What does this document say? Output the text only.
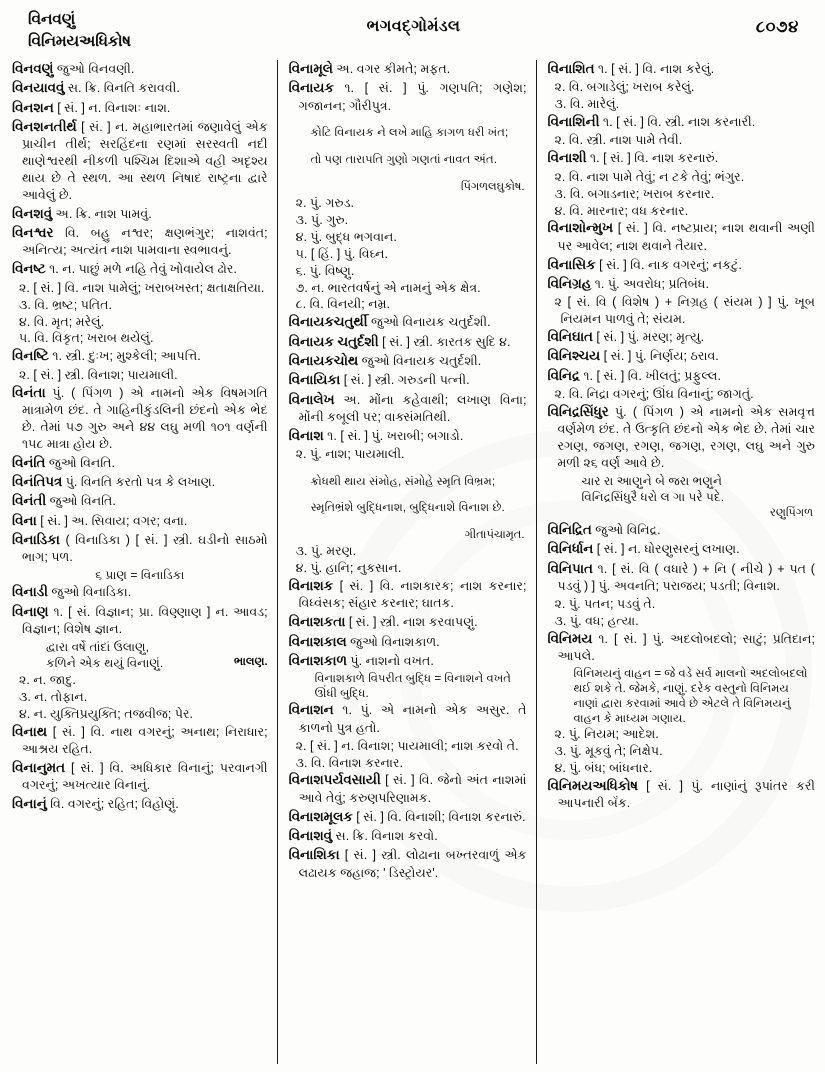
વિનવણું
વિનિમયઅધિકોષ
ભગવદ્ગોમંડલ	૮૦૭૪

વિનવણું જુઓ વિનવણી.

વિનયાવવું સ. ક્રિ. વિનતિ કરાવવી.

વિનશન [ સં. ] ન. વિનાશઃ નાશ.

વિનશનતીર્થ [ સં. ] ન. મહાભારતમાં જણાવેલું એક પ્રાચીન તીર્થ; સરહિંદના રણમાં સરસ્વતી નદી થાણેશ્વરથી નીકળી પશ્ચિમ દિશાએ વહી અદૃશ્ય થાય છે તે સ્થળ. આ સ્થળ નિષાદ રાષ્ટ્રના દ્વારે આવેલું છે.

વિનશવું અ. ક્રિ. નાશ પામવું.

વિનશ્વર વિ. બહુ નશ્વર; ક્ષણભંગુર; નાશવંત; અનિત્ય; અત્યંત નાશ પામવાના સ્વભાવનું.

વિનષ્ટ ૧. ન. પાછું મળે નહિ તેવું ખોવાયેલ ઢોર.

૨. [ સં. ] વિ. નાશ પામેલું; ખરાબખસ્ત; ક્ષતાક્ષતિયા.

૩. વિ. ભ્રષ્ટ; પતિત.

૪. વિ. મૃત; મરેલું.

૫. વિ. વિકૃત; ખરાબ થયેલું.

વિનષ્ટિ ૧. સ્ત્રી. દુઃખ; મુશ્કેલી; આપત્તિ.

૨. [ સં. ] સ્ત્રી. વિનાશ; પાયમાલી.

વિનંતા પું. ( પિંગળ ) એ નામનો એક વિષમગતિ માત્રામેળ છંદ. તે ગાહિનીકુંડલિની છંદનો એક ભેદ છે. તેમાં ૫૭ ગુરુ અને ૪૪ લઘુ મળી ૧૦૧ વર્ણની ૧૫૮ માત્રા હોય છે.

વિનંતિ જુઓ વિનતિ.

વિનંતિપત્ર પું. વિનતિ કરતો પત્ર કે લખાણ.

વિનંતી જુઓ વિનતિ.

વિના [ સં. ] અ. સિવાય; વગર; વના.

વિનાડિકા ( વિનાડિકા ) [ સં. ] સ્ત્રી. ઘડીનો સાઠમો ભાગ; પળ.

૬ પ્રાણ = વિનાડિકા

વિનાડી જુઓ વિનાડિકા.

વિનાણ ૧. [ સં. વિજ્ઞાન; પ્રા. વિણ્ણાણ ] ન. આવડ; વિજ્ઞાન; વિશેષ જ્ઞાન.

દ્વારા વર્ષે તાંદાં ઉલાણુ,

ભાલણ.
કળિને એક થયું વિનાણું.

૨. ન. જાદુ.

૩. ન. તોફાન.

૪. ન. યુક્તિપ્રયુક્તિ; તજવીજ; પેર.

વિનાથ [ સં. ] વિ. નાથ વગરનું; અનાથ; નિરાધાર; આશ્રય રહિત.

વિનાનુમત [ સં. ] વિ. અધિકાર વિનાનું; પરવાનગી વગરનું; અખત્યાર વિનાનું.

વિનાનું વિ. વગરનું; રહિત; વિહોણું.

વિનામૂલે અ. વગર કીમતે; મફત.

વિનાયક ૧. [ સં. ] પું. ગણપતિ; ગણેશ; ગજાનન; ગૌરીપુત્ર.

કોટિ વિનાયક ને લખે માહિ કાગળ ધરી ખંત;

તો પણ તારાપતિ ગુણો ગણતાં નાવત અંત.

પિંગળલઘુકોષ.

૨. પું. ગરુડ.

૩. પું. ગુરુ.

૪. પું. બુદ્ધ ભગવાન.

૫. [ હિં. ] પું. વિઘ્ન.

૬. પું. વિષ્ણુ.

૭. ન. ભારતવર્ષનું એ નામનું એક ક્ષેત્ર.

૮. વિ. વિનયી; નમ્ર.

વિનાયકચતુર્થી જુઓ વિનાયક ચતુર્દશી.

વિનાયક ચતુર્દશી [ સં. ] સ્ત્રી. કારતક સુદિ ૪.

વિનાયકચોથ જુઓ વિનાયક ચતુર્દશી.

વિનાયિકા [ સં. ] સ્ત્રી. ગરુડની પત્ની.

વિનાલેખ અ. મોંના કહેવાથી; લખાણ વિના; મોંની કબૂલી પર; વાક્સંમતિથી.

વિનાશ ૧. [ સં. ] પું. ખરાબી; બગાડો.

૨. પું. નાશ; પાયમાલી.

ક્રોધથી થાય સંમોહ, સંમોહે સ્મૃતિ વિભ્રમ;

સ્મૃતિભ્રંશે બુદ્ધિનાશ, બુદ્ધિનાશે વિનાશ છે.

ગીતાપંચામૃત.

૩. પું. મરણ.

૪. પું. હાનિ; નુકસાન.

વિનાશક [ સં. ] વિ. નાશકારક; નાશ કરનાર; વિધ્વંસક; સંહાર કરનાર; ઘાતક.

વિનાશકતા [ સં. ] સ્ત્રી. નાશ કરવાપણું.

વિનાશકાલ જુઓ વિનાશકાળ.

વિનાશકાળ પું. નાશનો વખત.

વિનાશકાળે વિપરીત બુદ્ધિ = વિનાશને વખતે ઊંધી બુદ્ધિ.

વિનાશન ૧. પું. એ નામનો એક અસુર. તે કાળનો પુત્ર હતો.

૨. [ સં. ] ન. વિનાશ; પાયમાલી; નાશ કરવો તે.

૩. વિ. વિનાશ કરનાર.

વિનાશપર્યવસાયી [ સં. ] વિ. જેનો અંત નાશમાં આવે તેવું; કરુણપરિણામક.

વિનાશમૂલક [ સં. ] વિ. વિનાશી; વિનાશ કરનારું.

વિનાશવું સ. ક્રિ. વિનાશ કરવો.

વિનાશિકા [ સં. ] સ્ત્રી. લોઢાના બખ્તરવાળું એક લઢાયક જહાજ; ' ડિસ્ટ્રોયર'.

વિનાશિત ૧. [ સં. ] વિ. નાશ કરેલું.

૨. વિ. બગાડેલું; ખરાબ કરેલું.

૩. વિ. મારેલું.

વિનાશિની ૧. [ સં. ] વિ. સ્ત્રી. નાશ કરનારી.

૨. વિ. સ્ત્રી. નાશ પામે તેવી.

વિનાશી ૧. [ સં. ] વિ. નાશ કરનારું.

૨. વિ. નાશ પામે તેવું; ન ટકે તેવું; ભંગુર.

૩. વિ. બગાડનાર; ખરાબ કરનાર.

૪. વિ. મારનાર; વધ કરનાર.

વિનાશોન્મુખ [ સં. ] વિ. નષ્ટપ્રાય; નાશ થવાની અણી પર આવેલ; નાશ થવાને તૈયાર.

વિનાસિક [ સં. ] વિ. નાક વગરનું; નકટું.

વિનિગ્રહ ૧. પું. અવરોધ; પ્રતિબંધ.

૨ [ સં. વિ ( વિશેષ ) + નિગ્રહ ( સંયમ ) ] પું. ખૂબ નિયમન પાળવું તે; સંયમ.

વિનિઘાત [ સં. ] પું. મરણ; મૃત્યુ.

વિનિશ્ચય [ સં. ] પું. નિર્ણય; ઠરાવ.

વિનિદ્ર ૧. [ સં. ] વિ. ખીલતું; પ્રફુલ્લ.

૨. વિ. નિદ્રા વગરનું; ઊંઘ વિનાનું; જાગતું.

વિનિદ્રસિંધુર પું. ( પિંગળ ) એ નામનો એક સમવૃત્ત વર્ણમેળ છંદ. તે ઉત્કૃતિ છંદનો એક ભેદ છે. તેમાં ચાર રગણ, જગણ, રગણ, જગણ, રગણ, લઘુ અને ગુરુ મળી ૨૬ વર્ણ આવે છે.

ચાર રા આણુને બે જરા ભણુને

વિનિદ્રસિંધુરૈ ધરો લ ગા પરે પદે.

રણુપિંગળ

વિનિદ્રિત જુઓ વિનિદ્ર.

વિનિર્ધાન [ સં. ] ન. ધોરણુસરનું લખાણ.

વિનિપાત ૧. [ સં. વિ ( વધારે ) + નિ ( નીચે ) + પત ( પડવું ) ] પું. અવનતિ; પરાજય; પડતી; વિનાશ.

૨. પું. પતન; પડવું તે.

૩. પું. વધ; હત્યા.

વિનિમય ૧. [ સં. ] પું. અદલોબદલો; સાટું; પ્રતિદાન; આપલે.

વિનિમયનું વાહન = જે વડે સર્વ માલનો અદલોબદલો થઈ શકે તે. જેમકે, નાણું. દરેક વસ્તુનો વિનિમય નાણાં દ્વારા કરવામાં આવે છે એટલે તે વિનિમયનું વાહન કે માધ્યમ ગણાય.

૨. પું. નિયમ; આદેશ.

૩. પું. મૂકવું તે; નિક્ષેપ.

૪. પું. બંધ; બાંધનાર.

વિનિમયઅધિકોષ [ સં. ] પું. નાણાંનું રૂપાંતર કરી આપનારી બૅંક.
